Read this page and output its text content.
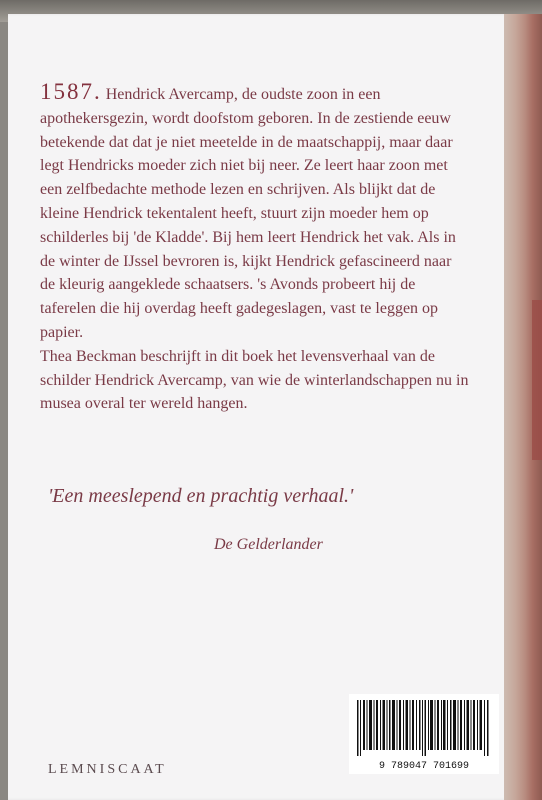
1587. Hendrick Avercamp, de oudste zoon in een apothekersgezin, wordt doofstom geboren. In de zestiende eeuw betekende dat dat je niet meetelde in de maatschappij, maar daar legt Hendricks moeder zich niet bij neer. Ze leert haar zoon met een zelfbedachte methode lezen en schrijven. Als blijkt dat de kleine Hendrick tekentalent heeft, stuurt zijn moeder hem op schilderles bij 'de Kladde'. Bij hem leert Hendrick het vak. Als in de winter de IJssel bevroren is, kijkt Hendrick gefascineerd naar de kleurig aangeklede schaatsers. 's Avonds probeert hij de taferelen die hij overdag heeft gadegeslagen, vast te leggen op papier.

Thea Beckman beschrijft in dit boek het levensverhaal van de schilder Hendrick Avercamp, van wie de winterlandschappen nu in musea overal ter wereld hangen.

'Een meeslepend en prachtig verhaal.'

De Gelderlander
LEMNISCAAT	9 789047 701699
